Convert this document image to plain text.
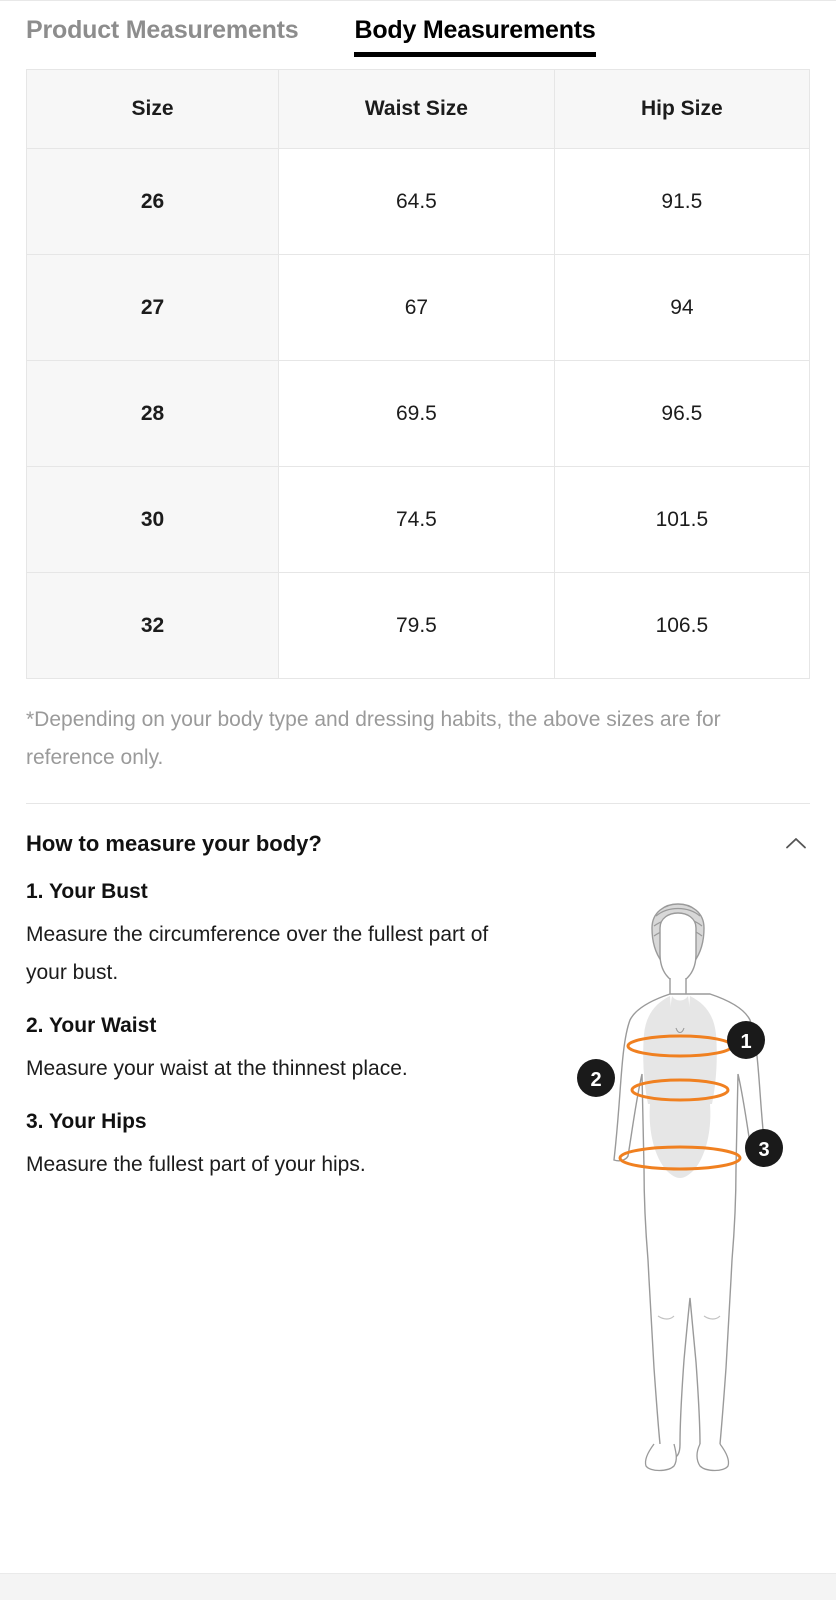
Product Measurements Body Measurements
Size	Waist Size	Hip Size
26	64.5	91.5
27	67	94
28	69.5	96.5
30	74.5	101.5
32	79.5	106.5
*Depending on your body type and dressing habits, the above sizes are for reference only.
How to measure your body?
1. Your Bust
Measure the circumference over the fullest part of your bust.
2. Your Waist
Measure your waist at the thinnest place.
3. Your Hips
Measure the fullest part of your hips.
1
2
3
